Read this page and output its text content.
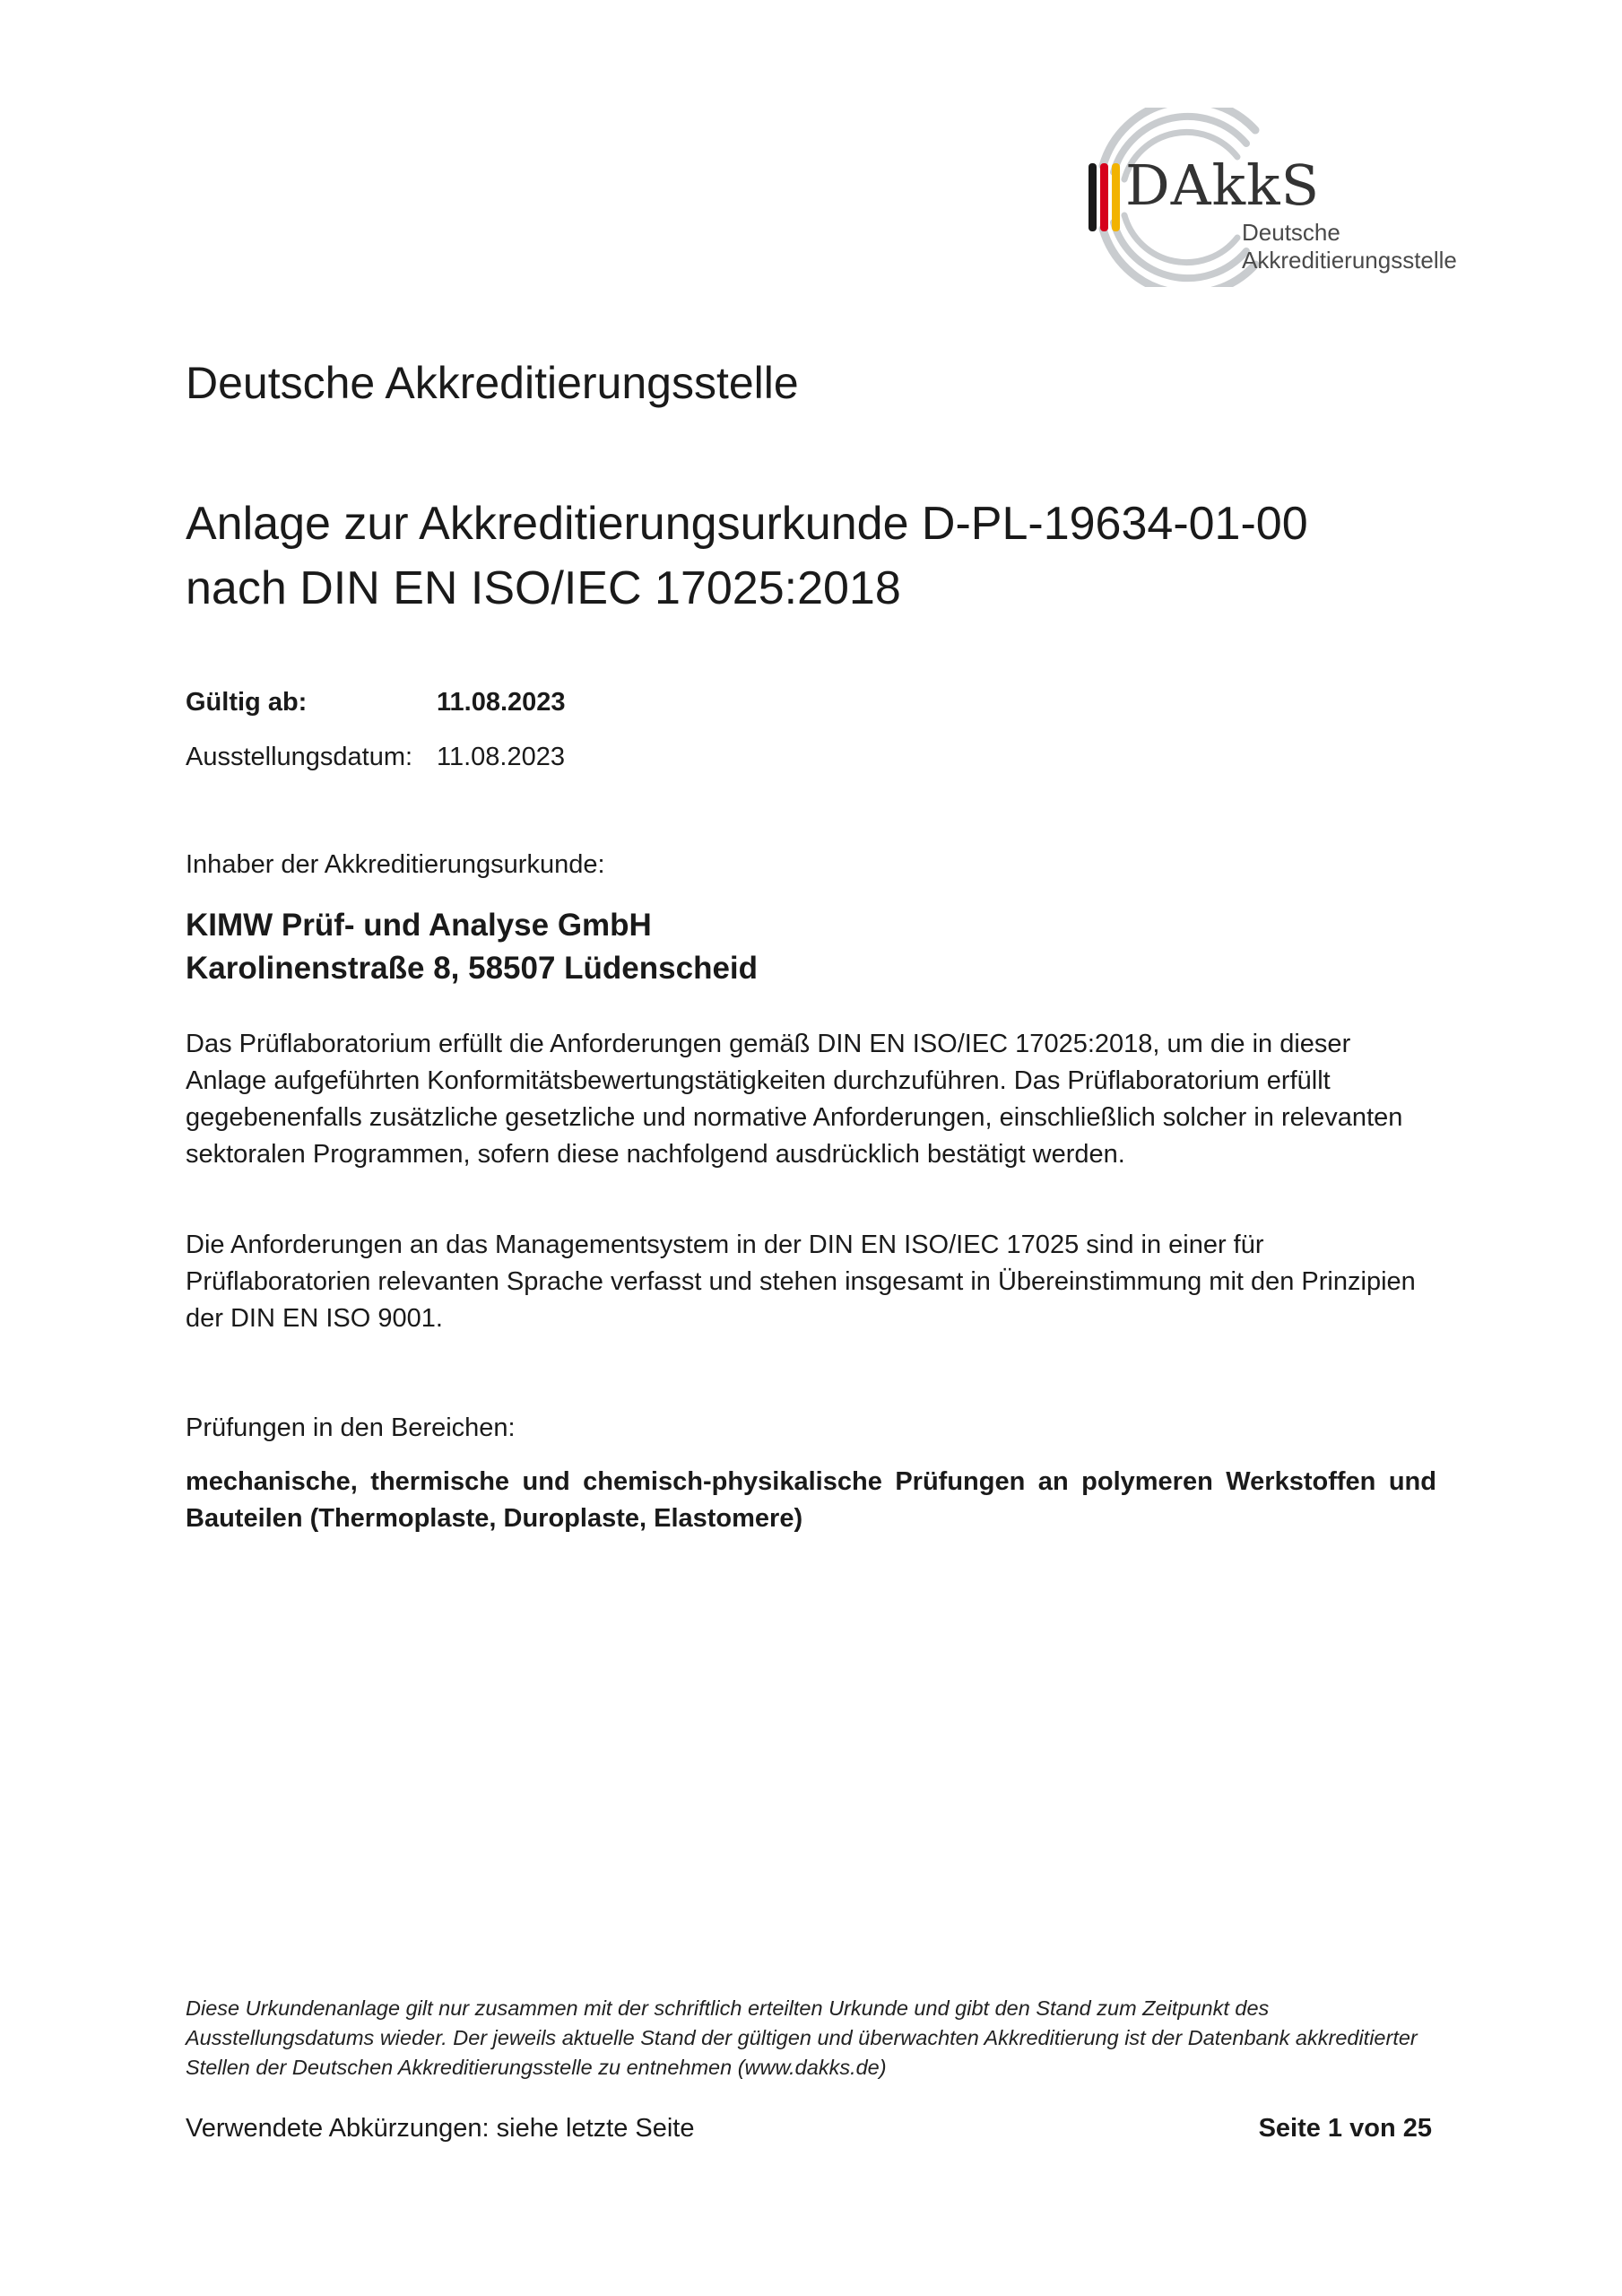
DAkkS
Deutsche
Akkreditierungsstelle
Deutsche Akkreditierungsstelle
Anlage zur Akkreditierungsurkunde D-PL-19634-01-00
nach DIN EN ISO/IEC 17025:2018
Gültig ab:	11.08.2023
Ausstellungsdatum: 11.08.2023
Inhaber der Akkreditierungsurkunde:
KIMW Prüf- und Analyse GmbH
Karolinenstraße 8, 58507 Lüdenscheid
Das Prüflaboratorium erfüllt die Anforderungen gemäß DIN EN ISO/IEC 17025:2018, um die in dieser Anlage aufgeführten Konformitätsbewertungstätigkeiten durchzuführen. Das Prüflaboratorium erfüllt gegebenenfalls zusätzliche gesetzliche und normative Anforderungen, einschließlich solcher in relevanten sektoralen Programmen, sofern diese nachfolgend ausdrücklich bestätigt werden.
Die Anforderungen an das Managementsystem in der DIN EN ISO/IEC 17025 sind in einer für Prüflaboratorien relevanten Sprache verfasst und stehen insgesamt in Übereinstimmung mit den Prinzipien der DIN EN ISO 9001.
Prüfungen in den Bereichen:
mechanische, thermische und chemisch-physikalische Prüfungen an polymeren Werkstoffen und Bauteilen (Thermoplaste, Duroplaste, Elastomere)
Diese Urkundenanlage gilt nur zusammen mit der schriftlich erteilten Urkunde und gibt den Stand zum Zeitpunkt des Ausstellungsdatums wieder. Der jeweils aktuelle Stand der gültigen und überwachten Akkreditierung ist der Datenbank akkreditierter Stellen der Deutschen Akkreditierungsstelle zu entnehmen (www.dakks.de)
Verwendete Abkürzungen: siehe letzte Seite	Seite 1 von 25
